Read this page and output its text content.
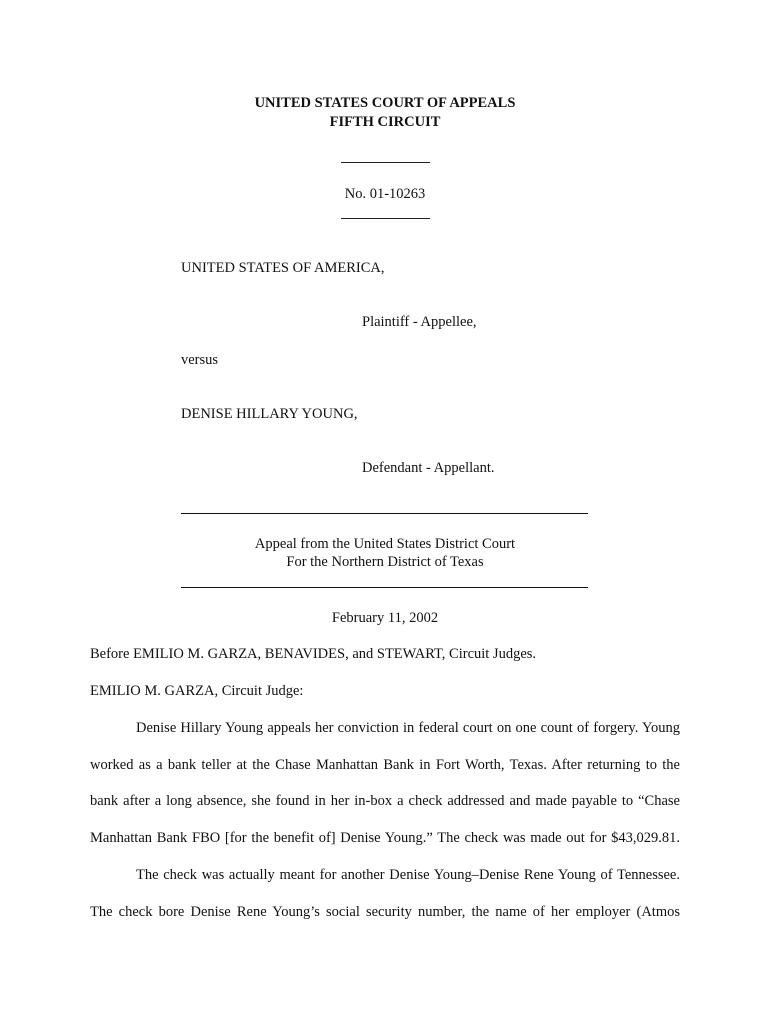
UNITED STATES COURT OF APPEALS
FIFTH CIRCUIT
No. 01-10263
UNITED STATES OF AMERICA,
Plaintiff - Appellee,
versus
DENISE HILLARY YOUNG,
Defendant - Appellant.
Appeal from the United States District Court
For the Northern District of Texas
February 11, 2002
Before EMILIO M. GARZA, BENAVIDES, and STEWART, Circuit Judges.
EMILIO M. GARZA, Circuit Judge:
Denise Hillary Young appeals her conviction in federal court on one count of forgery. Young
worked as a bank teller at the Chase Manhattan Bank in Fort Worth, Texas. After returning to the
bank after a long absence, she found in her in-box a check addressed and made payable to “Chase
Manhattan Bank FBO [for the benefit of] Denise Young.” The check was made out for $43,029.81.
The check was actually meant for another Denise Young–Denise Rene Young of Tennessee.
The check bore Denise Rene Young’s social security number, the name of her employer (Atmos
